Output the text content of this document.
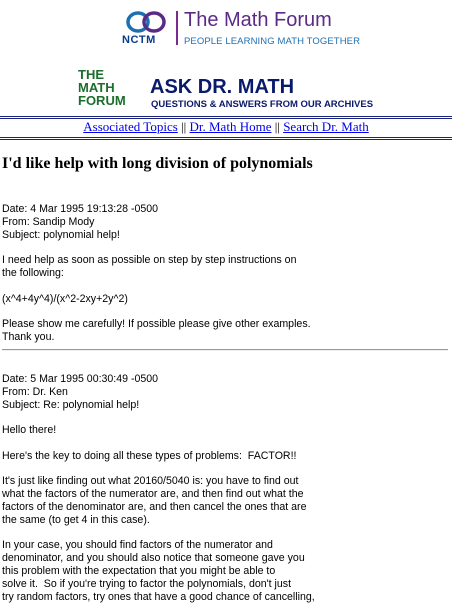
NCTM
The Math Forum
PEOPLE LEARNING MATH TOGETHER
THE
MATH
FORUM
ASK DR. MATH
QUESTIONS & ANSWERS FROM OUR ARCHIVES
Associated Topics || Dr. Math Home || Search Dr. Math
I'd like help with long division of polynomials

Date: 4 Mar 1995 19:13:28 -0500

From: Sandip Mody

Subject: polynomial help!

I need help as soon as possible on step by step instructions on

the following:

(x^4+4y^4)/(x^2-2xy+2y^2)

Please show me carefully! If possible please give other examples.

Thank you.

Date: 5 Mar 1995 00:30:49 -0500

From: Dr. Ken

Subject: Re: polynomial help!

Hello there!

Here's the key to doing all these types of problems:  FACTOR!!

It's just like finding out what 20160/5040 is: you have to find out

what the factors of the numerator are, and then find out what the

factors of the denominator are, and then cancel the ones that are

the same (to get 4 in this case).

In your case, you should find factors of the numerator and

denominator, and you should also notice that someone gave you

this problem with the expectation that you might be able to

solve it.  So if you're trying to factor the polynomials, don't just

try random factors, try ones that have a good chance of cancelling,
